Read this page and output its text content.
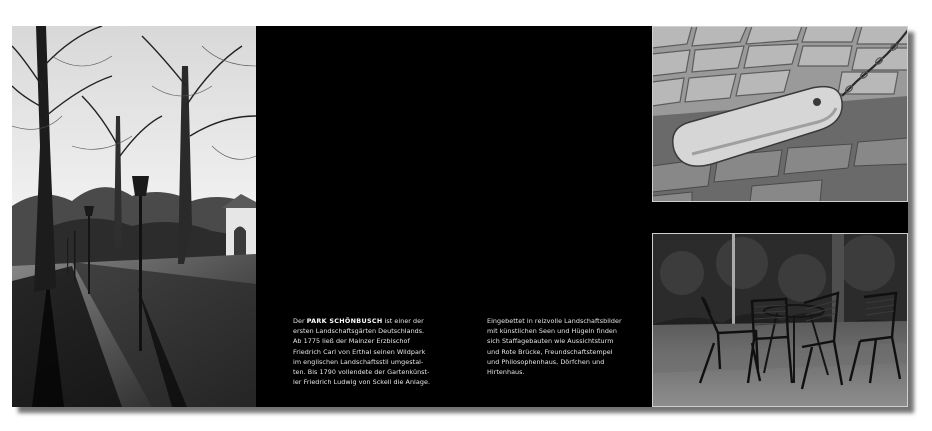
Der PARK SCHÖNBUSCH ist einer der
ersten Landschaftsgärten Deutschlands.
Ab 1775 ließ der Mainzer Erzbischof
Friedrich Carl von Erthal seinen Wildpark
im englischen Landschaftsstil umgestal-
ten. Bis 1790 vollendete der Gartenkünst-
ler Friedrich Ludwig von Sckell die Anlage.

Eingebettet in reizvolle Landschaftsbilder
mit künstlichen Seen und Hügeln finden
sich Staffagebauten wie Aussichtsturm
und Rote Brücke, Freundschaftstempel
und Philosophenhaus, Dörfchen und
Hirtenhaus.
